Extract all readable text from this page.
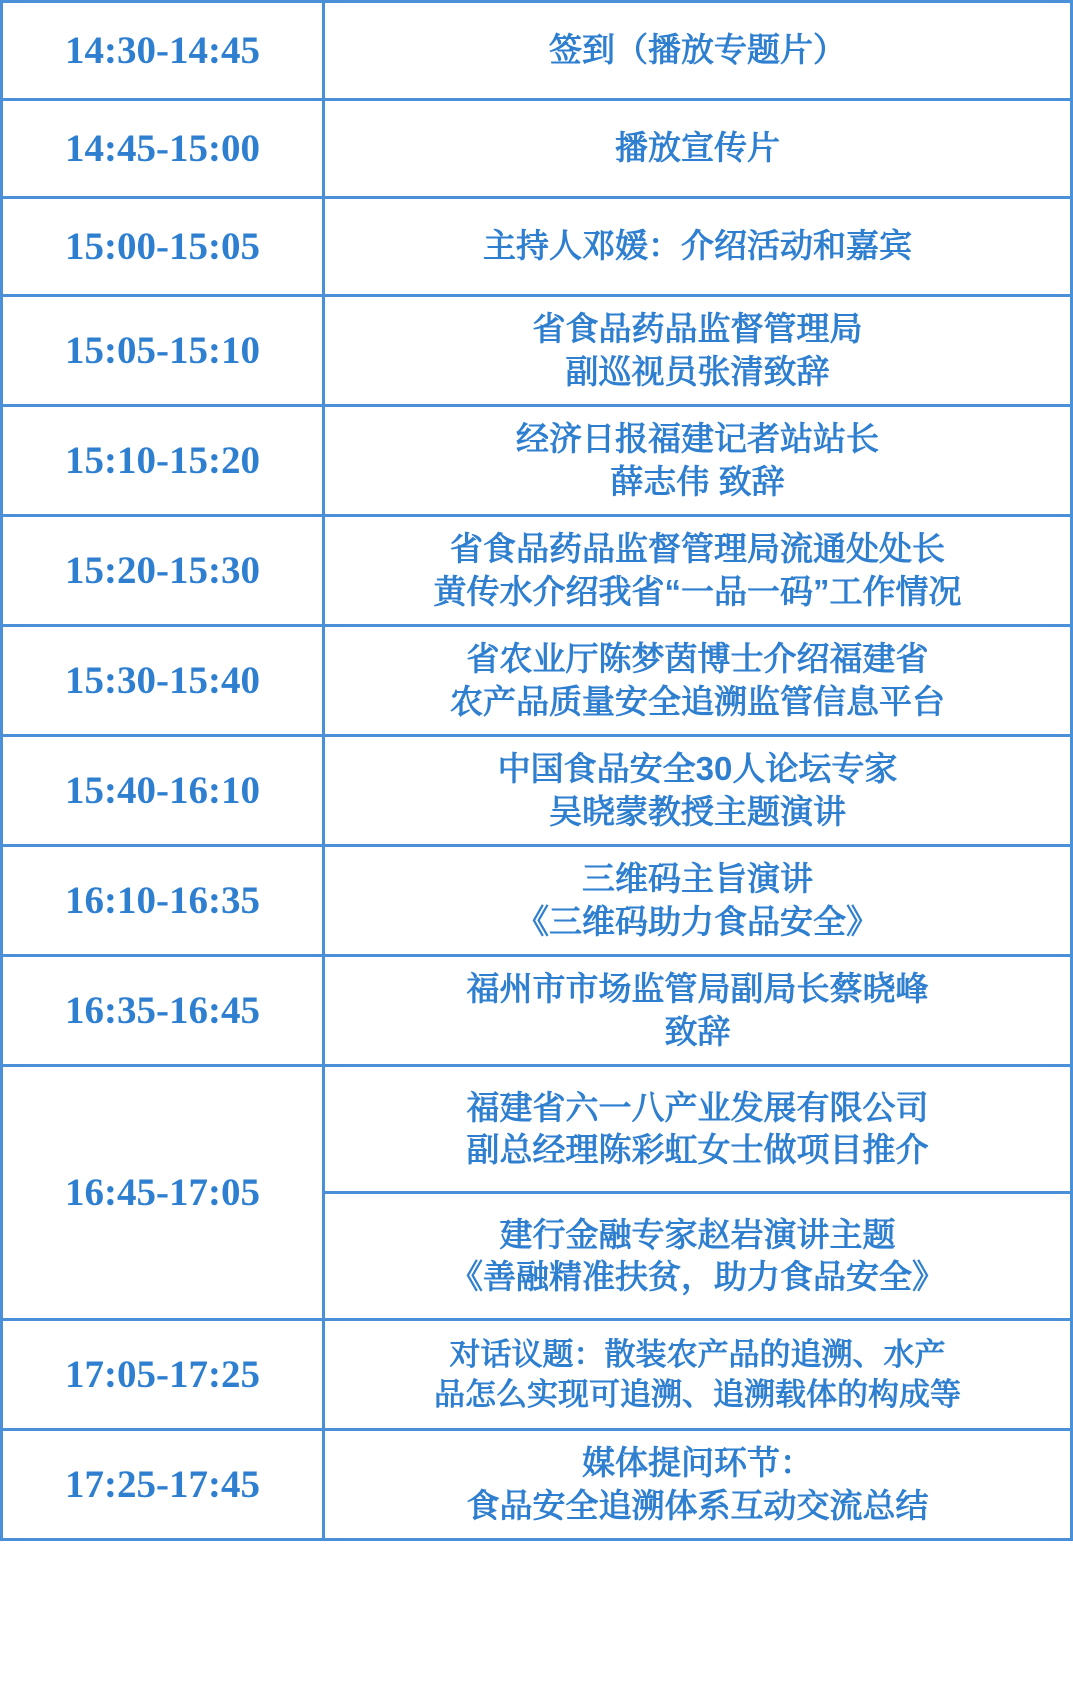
14:30-14:45	签到（播放专题片）

14:45-15:00	播放宣传片

15:00-15:05	主持人邓媛：介绍活动和嘉宾

15:05-15:10	省食品药品监督管理局
副巡视员张清致辞

15:10-15:20	经济日报福建记者站站长
薛志伟 致辞

15:20-15:30	省食品药品监督管理局流通处处长
黄传水介绍我省“一品一码”工作情况

15:30-15:40	省农业厅陈梦茵博士介绍福建省
农产品质量安全追溯监管信息平台

15:40-16:10	中国食品安全30人论坛专家
吴晓蒙教授主题演讲

16:10-16:35	三维码主旨演讲
《三维码助力食品安全》

16:35-16:45	福州市市场监管局副局长蔡晓峰
致辞

16:45-17:05	福建省六一八产业发展有限公司
副总经理陈彩虹女士做项目推介

	建行金融专家赵岩演讲主题
《善融精准扶贫，助力食品安全》

17:05-17:25	对话议题：散装农产品的追溯、水产
品怎么实现可追溯、追溯载体的构成等

17:25-17:45	媒体提问环节：
食品安全追溯体系互动交流总结
